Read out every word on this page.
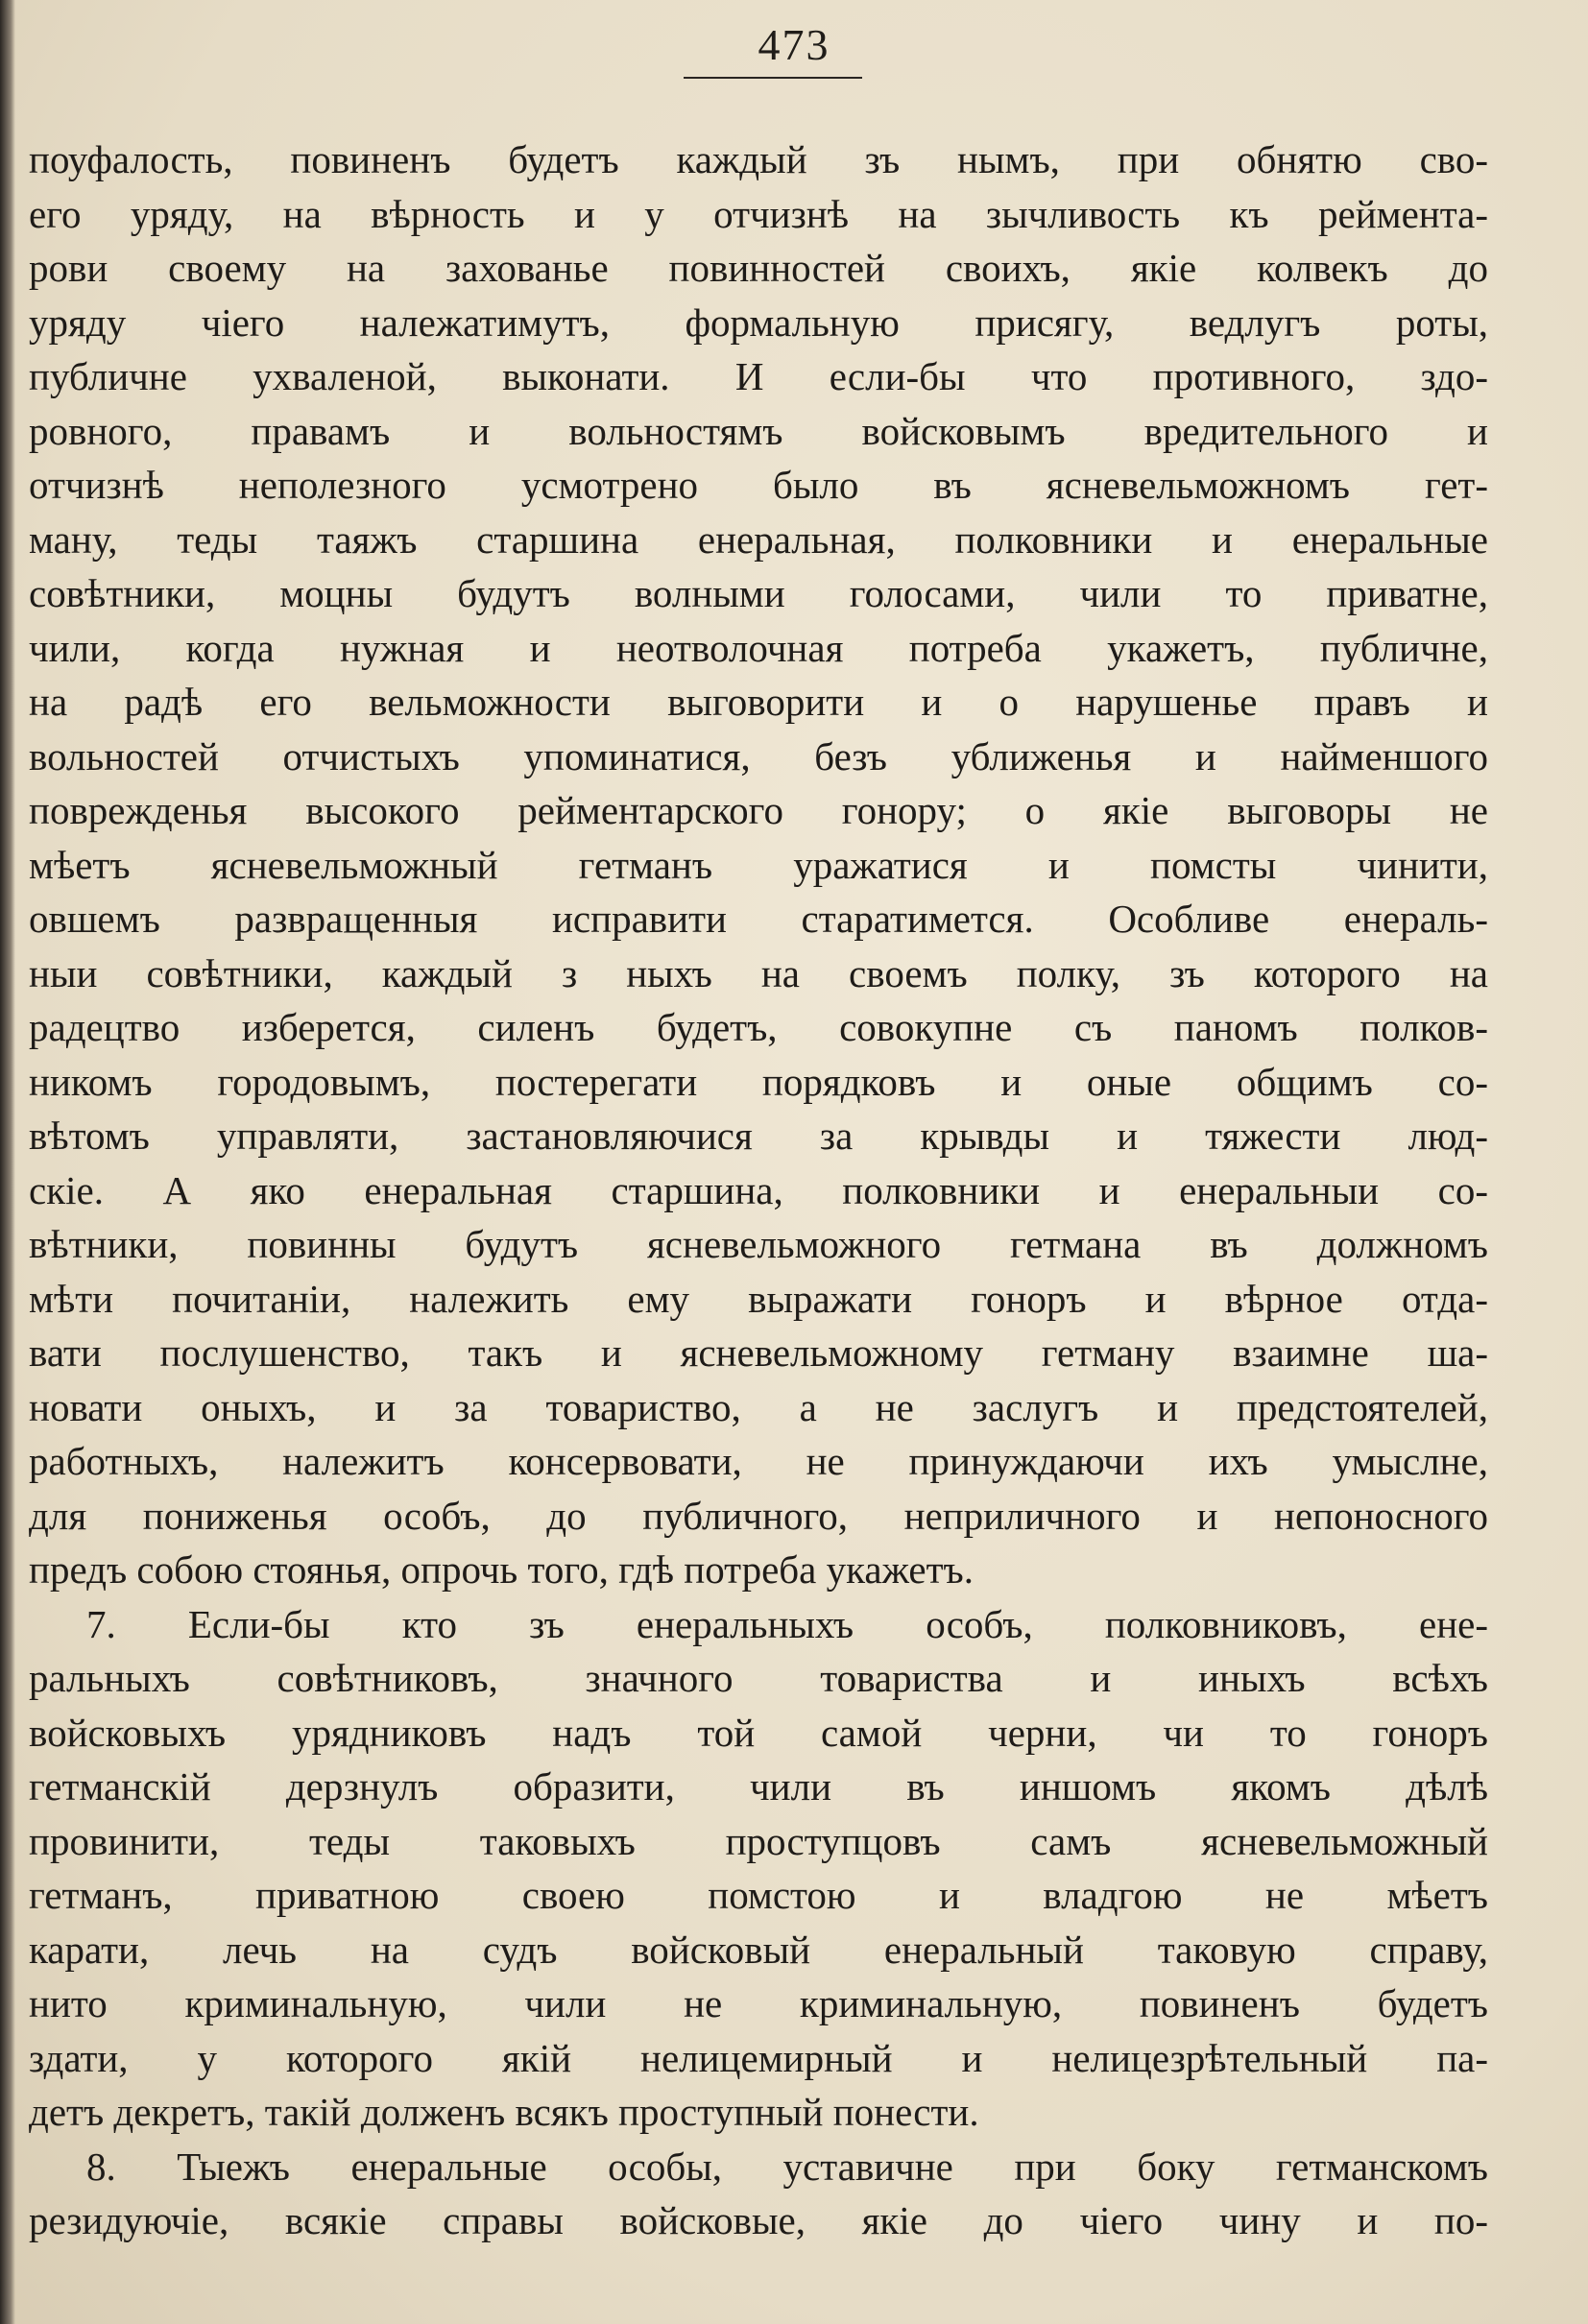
473
поуфалость, повиненъ будетъ каждый зъ нымъ, при обнятю сво-
его уряду, на вѣрность и у отчизнѣ на зычливость къ реймента-
рови своему на захованье повинностей своихъ, якіе колвекъ до
уряду чіего належатимутъ, формальную присягу, ведлугъ роты,
публичне ухваленой, выконати. И если-бы что противного, здо-
ровного, правамъ и вольностямъ войсковымъ вредительного и
отчизнѣ неполезного усмотрено было въ ясневельможномъ гет-
ману, теды таяжъ старшина енеральная, полковники и енеральные
совѣтники, моцны будутъ волными голосами, чили то приватне,
чили, когда нужная и неотволочная потреба укажетъ, публичне,
на радѣ его вельможности выговорити и о нарушенье правъ и
вольностей отчистыхъ упоминатися, безъ уближенья и найменшого
поврежденья высокого рейментарского гонору; о якіе выговоры не
мѣетъ ясневельможный гетманъ уражатися и помсты чинити,
овшемъ развращенныя исправити старатимется. Особливе енераль-
ныи совѣтники, каждый з ныхъ на своемъ полку, зъ которого на
радецтво изберется, силенъ будетъ, совокупне съ паномъ полков-
никомъ городовымъ, постерегати порядковъ и оные общимъ со-
вѣтомъ управляти, застановляючися за крывды и тяжести люд-
скіе. А яко енеральная старшина, полковники и енеральныи со-
вѣтники, повинны будутъ ясневельможного гетмана въ должномъ
мѣти почитанiи, належить ему выражати гоноръ и вѣрное отда-
вати послушенство, такъ и ясневельможному гетману взаимне ша-
новати оныхъ, и за товариство, а не заслугъ и предстоятелей,
работныхъ, належитъ консервовати, не принуждаючи ихъ умыслне,
для пониженья особъ, до публичного, неприличного и непоносного
предъ собою стоянья, опрочь того, гдѣ потреба укажетъ.
7. Если-бы кто зъ енеральныхъ особъ, полковниковъ, ене-
ральныхъ совѣтниковъ, значного товариства и иныхъ всѣхъ
войсковыхъ урядниковъ надъ той самой черни, чи то гоноръ
гетманскій дерзнулъ образити, чили въ иншомъ якомъ дѣлѣ
провинити, теды таковыхъ проступцовъ самъ ясневельможный
гетманъ, приватною своею помстою и владгою не мѣетъ
карати, лечь на судъ войсковый енеральный таковую справу,
нито криминальную, чили не криминальную, повиненъ будетъ
здати, у которого якій нелицемирный и нелицезрѣтельный па-
детъ декретъ, такій долженъ всякъ проступный понести.
8. Тыежъ енеральные особы, уставичне при боку гетманскомъ
резидуючіе, всякіе справы войсковые, якіе до чіего чину и по-
